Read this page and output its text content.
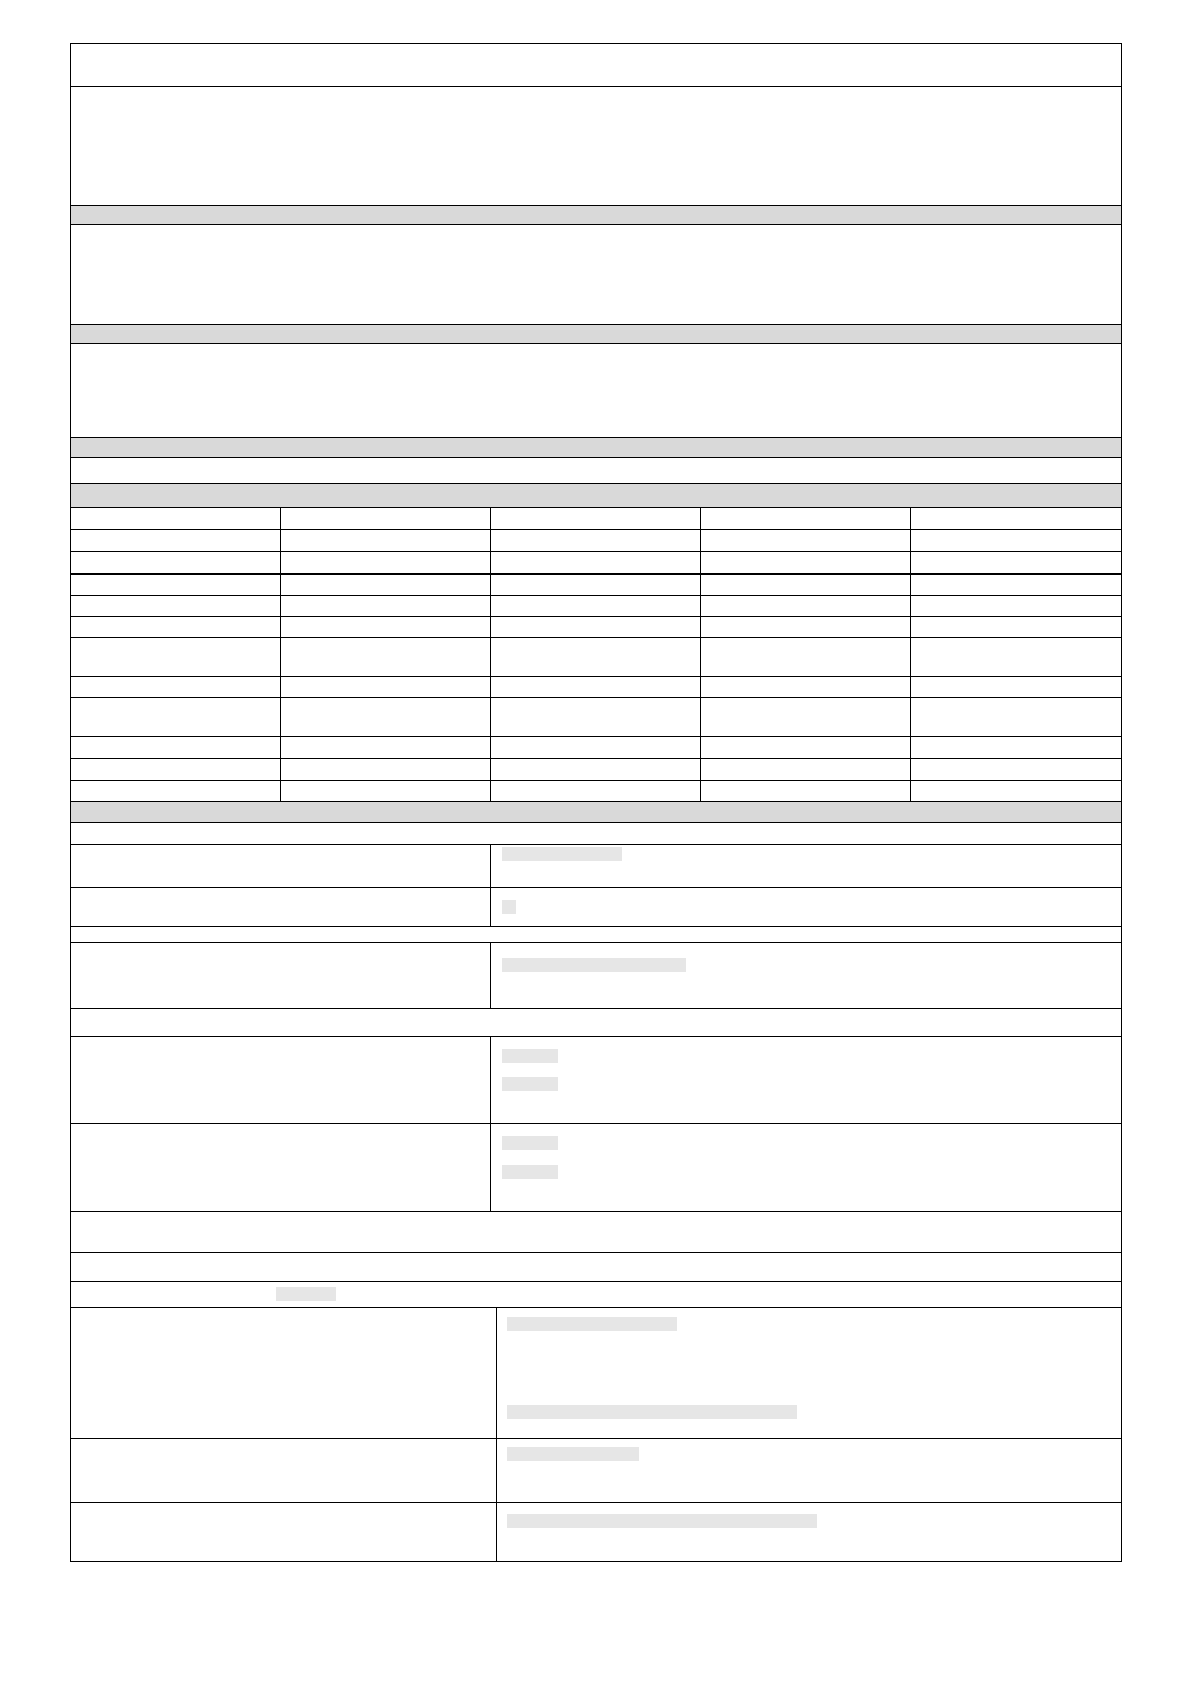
▮ ▮▮▮▮▮▮▮▮ ▮
▮
▮ ▮▮▮▮▮▮ ▮ ▮▮▮▮▮▮ ▮
▮ ▮▮▮ ▮
▮ ▮▮▮ ▮
▮ ▮▮▮ ▮
▮ ▮▮▮ ▮
▮ ▮ ▮ ▮
▮ ▮▮▮▮▮▮▮▮▮▮ ▮ ▮▮▮ ▮
▮ ▮▮▮▮▮▮▮▮ ▮ ▮▮▮ ▮ ▮▮▮▮▮▮▮▮ ▮ ▮▮▮ ▮
▮ ▮▮▮▮▮▮▮▮▮▮ ▮
▮ ▮▮▮▮▮▮▮▮▮ ▮▮▮▮▮▮▮ ▮▮▮▮▮▮▮ ▮▮▮▮▮▮▮
